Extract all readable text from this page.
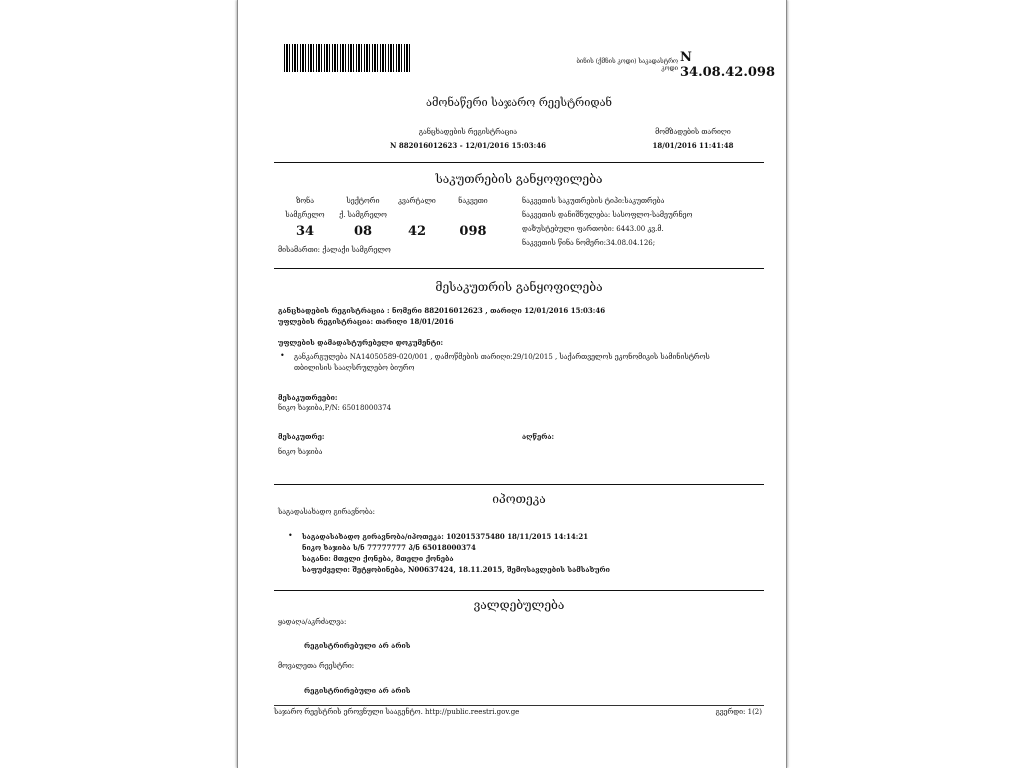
ბინის (ქმნის კოდი) საკადასტრო კოდი
N 34.08.42.098
ამონაწერი საჯარო რეესტრიდან
განცხადების რეგისტრაცია
N 882016012623 - 12/01/2016 15:03:46
მომზადების თარიღი
18/01/2016 11:41:48
საკუთრების განყოფილება
ზონა	სექტორი	კვარტალი	ნაკვეთი
სამგრელო	ქ. სამგრელო
34	08	42	098
მისამართი: ქალაქი სამგრელო
ნაკვეთის საკუთრების ტიპი:საკუთრება
ნაკვეთის დანიშნულება: სასოფლო-სამეურნეო
დაზუსტებული ფართობი: 6443.00 კვ.მ.
ნაკვეთის წინა ნომერი:34.08.04.126;
მესაკუთრის განყოფილება
განცხადების რეგისტრაცია : ნომერი 882016012623 , თარიღი 12/01/2016 15:03:46
უფლების რეგისტრაცია: თარიღი 18/01/2016
უფლების დამადასტურებელი დოკუმენტი:
• განკარგულება NA14050589-020/001 , დამოწმების თარიღი:29/10/2015 , საქართველოს ეკონომიკის სამინისტროს
თბილისის სააღსრულებო ბიურო
მესაკუთრეები:
ნიკო ხაჯიბა,P/N: 65018000374
მესაკუთრე:
ნიკო ხაჯიბა
აღწერა:
იპოთეკა
საგადასახადო გირავნობა:
• საგადასახადო გირავნობა/იპოთეკა: 102015375480 18/11/2015 14:14:21
ნიკო ხაჯიბა ს/ნ 77777777 პ/ნ 65018000374
საგანი: მთელი ქონება, მთელი ქონება
საფუძველი: შეტყობინება, N00637424, 18.11.2015, შემოსავლების სამსახური
ვალდებულება
ყადაღა/აკრძალვა:
რეგისტრირებული არ არის
მოვალეთა რეესტრი:
რეგისტრირებული არ არის
საჯარო რეესტრის ეროვნული სააგენტო. http://public.reestri.gov.ge	გვერდი: 1(2)
